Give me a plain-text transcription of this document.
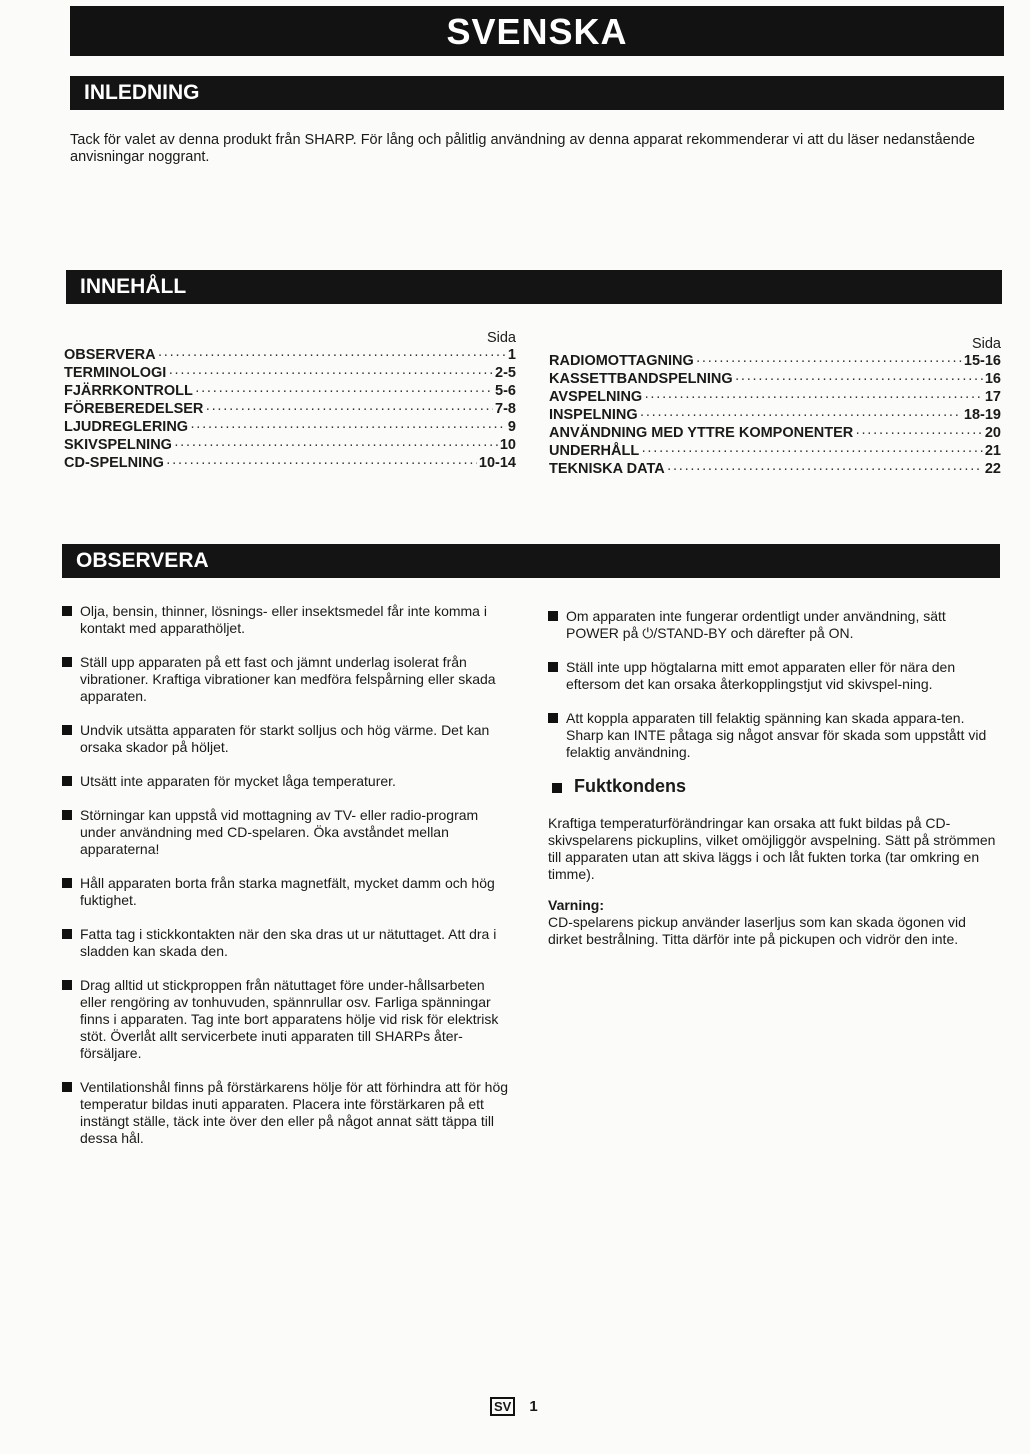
SVENSKA
INLEDNING
Tack för valet av denna produkt från SHARP. För lång och pålitlig användning av denna apparat rekommenderar vi att du läser nedanstående anvisningar noggrant.
INNEHÅLL
Sida
OBSERVERA ·····	1
TERMINOLOGI ·····	2-5
FJÄRRKONTROLL ·····	5-6
FÖREBEREDELSER ·····	7-8
LJUDREGLERING ·····	9
SKIVSPELNING ·····	10
CD-SPELNING ·····	10-14
Sida
RADIOMOTTAGNING ·····	15-16
KASSETTBANDSPELNING ·····	16
AVSPELNING ·····	17
INSPELNING ·····	18-19
ANVÄNDNING MED YTTRE KOMPONENTER ·····	20
UNDERHÅLL ·····	21
TEKNISKA DATA ·····	22
OBSERVERA
Olja, bensin, thinner, lösnings- eller insektsmedel får inte komma i kontakt med apparathöljet.
Ställ upp apparaten på ett fast och jämnt underlag isolerat från vibrationer. Kraftiga vibrationer kan medföra felspårning eller skada apparaten.
Undvik utsätta apparaten för starkt solljus och hög värme. Det kan orsaka skador på höljet.
Utsätt inte apparaten för mycket låga temperaturer.
Störningar kan uppstå vid mottagning av TV- eller radio-program under användning med CD-spelaren. Öka avståndet mellan apparaterna!
Håll apparaten borta från starka magnetfält, mycket damm och hög fuktighet.
Fatta tag i stickkontakten när den ska dras ut ur nätuttaget. Att dra i sladden kan skada den.
Drag alltid ut stickproppen från nätuttaget före under-hållsarbeten eller rengöring av tonhuvuden, spännrullar osv. Farliga spänningar finns i apparaten. Tag inte bort apparatens hölje vid risk för elektrisk stöt. Överlåt allt servicerbete inuti apparaten till SHARPs åter-försäljare.
Ventilationshål finns på förstärkarens hölje för att förhindra att för hög temperatur bildas inuti apparaten. Placera inte förstärkaren på ett instängt ställe, täck inte över den eller på något annat sätt täppa till dessa hål.
Om apparaten inte fungerar ordentligt under användning, sätt POWER på ⏻/STAND-BY och därefter på ON.
Ställ inte upp högtalarna mitt emot apparaten eller för nära den eftersom det kan orsaka återkopplingstjut vid skivspel-ning.
Att koppla apparaten till felaktig spänning kan skada appara-ten. Sharp kan INTE påtaga sig något ansvar för skada som uppstått vid felaktig användning.
Fuktkondens
Kraftiga temperaturförändringar kan orsaka att fukt bildas på CD-skivspelarens pickuplins, vilket omöjliggör avspelning. Sätt på strömmen till apparaten utan att skiva läggs i och låt fukten torka (tar omkring en timme).
Varning:
CD-spelarens pickup använder laserljus som kan skada ögonen vid dirket bestrålning. Titta därför inte på pickupen och vidrör den inte.
SV 1
